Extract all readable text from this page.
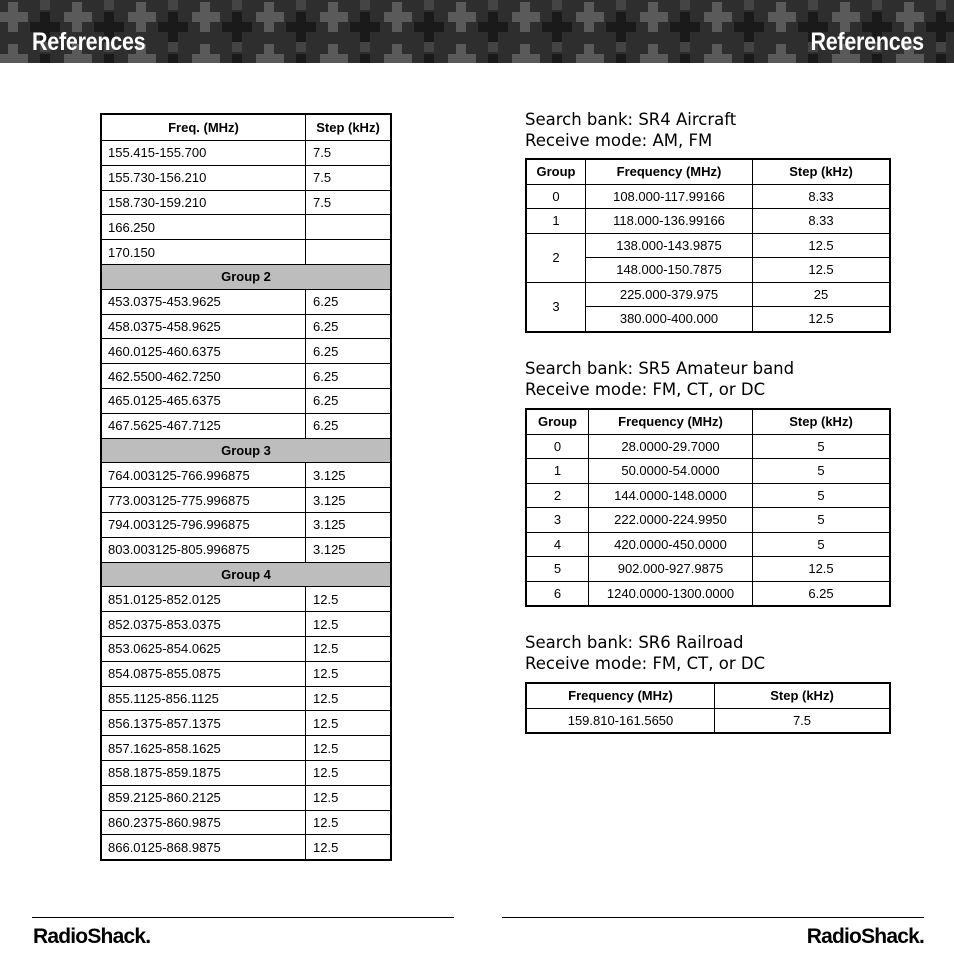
References	References
Freq. (MHz)	Step (kHz)
155.415-155.700	7.5
155.730-156.210	7.5
158.730-159.210	7.5
166.250	
170.150	
Group 2	
453.0375-453.9625	6.25
458.0375-458.9625	6.25
460.0125-460.6375	6.25
462.5500-462.7250	6.25
465.0125-465.6375	6.25
467.5625-467.7125	6.25
Group 3	
764.003125-766.996875	3.125
773.003125-775.996875	3.125
794.003125-796.996875	3.125
803.003125-805.996875	3.125
Group 4	
851.0125-852.0125	12.5
852.0375-853.0375	12.5
853.0625-854.0625	12.5
854.0875-855.0875	12.5
855.1125-856.1125	12.5
856.1375-857.1375	12.5
857.1625-858.1625	12.5
858.1875-859.1875	12.5
859.2125-860.2125	12.5
860.2375-860.9875	12.5
866.0125-868.9875	12.5
Search bank: SR4 Aircraft
Receive mode: AM, FM
Group	Frequency (MHz)	Step (kHz)
0	108.000-117.99166	8.33
1	118.000-136.99166	8.33
2	138.000-143.9875	12.5
	148.000-150.7875	12.5
3	225.000-379.975	25
	380.000-400.000	12.5
Search bank: SR5 Amateur band
Receive mode: FM, CT, or DC
Group	Frequency (MHz)	Step (kHz)
0	28.0000-29.7000	5
1	50.0000-54.0000	5
2	144.0000-148.0000	5
3	222.0000-224.9950	5
4	420.0000-450.0000	5
5	902.000-927.9875	12.5
6	1240.0000-1300.0000	6.25
Search bank: SR6 Railroad
Receive mode: FM, CT, or DC
Frequency (MHz)	Step (kHz)
159.810-161.5650	7.5
RadioShack.	RadioShack.
